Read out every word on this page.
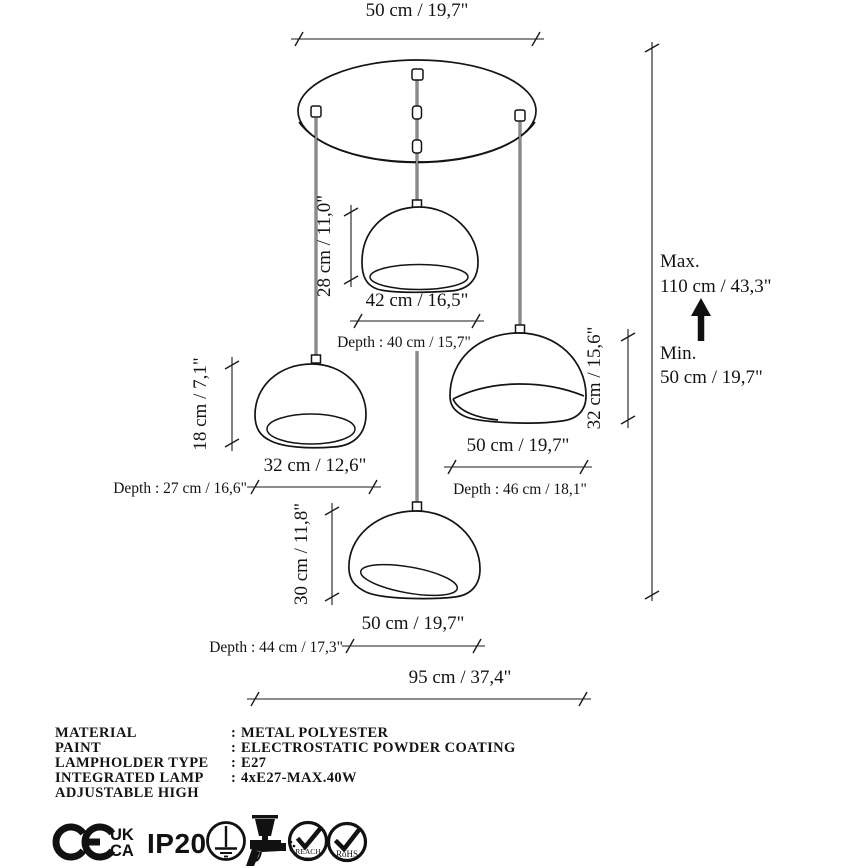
50 cm / 19,7"
28 cm / 11,0"
42 cm / 16,5"
Depth : 40 cm / 15,7"	32 cm / 15,6"
50 cm / 19,7"
Depth : 46 cm / 18,1"
18 cm / 7,1"
32 cm / 12,6"
Depth : 27 cm / 16,6"
30 cm / 11,8"
50 cm / 19,7"
Depth : 44 cm / 17,3"
95 cm / 37,4"
Max.
110 cm / 43,3"
Min.
50 cm / 19,7"
MATERIAL	: METAL POLYESTER
PAINT	: ELECTROSTATIC POWDER COATING
LAMPHOLDER TYPE : E27
INTEGRATED LAMP : 4xE27-MAX.40W
ADJUSTABLE HIGH
UK
CA IP20	REACH
COMPLIANT RoHS
